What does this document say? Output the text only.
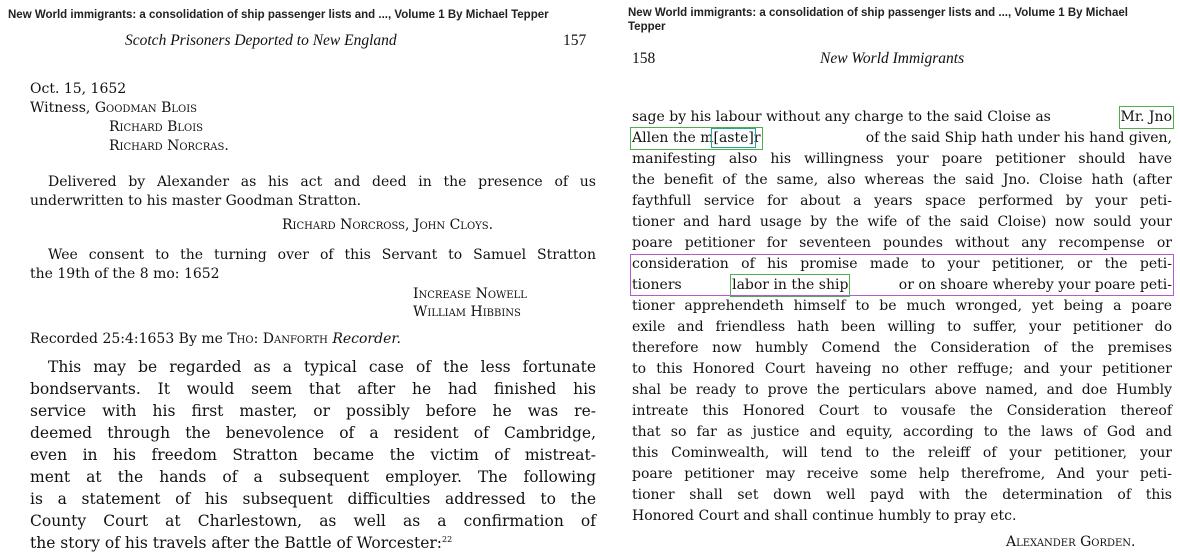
New World immigrants: a consolidation of ship passenger lists and ..., Volume 1 By Michael Tepper
Scotch Prisoners Deported to New England	157
Oct. 15, 1652
Witness, Goodman Blois
Richard Blois
Richard Norcras.
Delivered by Alexander as his act and deed in the presence of us
underwritten to his master Goodman Stratton.
Richard Norcross, John Cloys.
Wee consent to the turning over of this Servant to Samuel Stratton
the 19th of the 8 mo: 1652
Increase Nowell
William Hibbins
Recorded 25:4:1653 By me Tho: Danforth Recorder.
This may be regarded as a typical case of the less fortunate
bondservants. It would seem that after he had finished his
service with his first master, or possibly before he was re-
deemed through the benevolence of a resident of Cambridge,
even in his freedom Stratton became the victim of mistreat-
ment at the hands of a subsequent employer. The following
is a statement of his subsequent difficulties addressed to the
County Court at Charlestown, as well as a confirmation of
the story of his travels after the Battle of Worcester:$^{22}$
New World immigrants: a consolidation of ship passenger lists and ..., Volume 1 By Michael
Tepper
158	New World Immigrants
sage by his labour without any charge to the said Cloise as	Mr. Jno
Allen the m[aste]r	of the said Ship hath under his hand given,
manifesting also his willingness your poare petitioner should have
the benefit of the same, also whereas the said Jno. Cloise hath (after
faythfull service for about a years space performed by your peti-
tioner and hard usage by the wife of the said Cloise) now sould your
poare petitioner for seventeen poundes without any recompense or
consideration of his promise made to your petitioner, or the peti-
tioners	labor in the ship	or on shoare whereby your poare peti-
tioner apprehendeth himself to be much wronged, yet being a poare
exile and friendless hath been willing to suffer, your petitioner do
therefore now humbly Comend the Consideration of the premises
to this Honored Court haveing no other reffuge; and your petitioner
shal be ready to prove the perticulars above named, and doe Humbly
intreate this Honored Court to vousafe the Consideration thereof
that so far as justice and equity, according to the laws of God and
this Cominwealth, will tend to the releiff of your petitioner, your
poare petitioner may receive some help therefrome, And your peti-
tioner shall set down well payd with the determination of this
Honored Court and shall continue humbly to pray etc.
Alexander Gorden.
